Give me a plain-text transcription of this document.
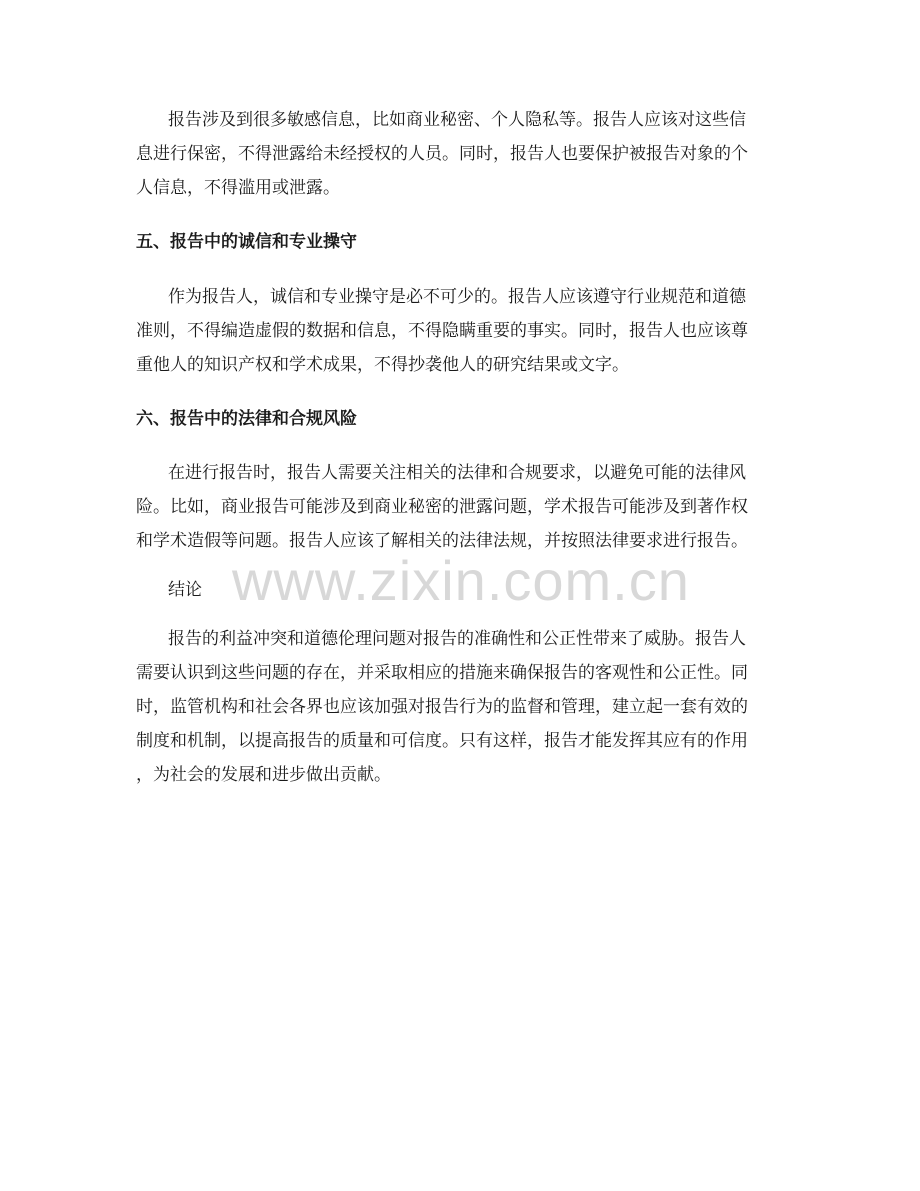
报告涉及到很多敏感信息，比如商业秘密、个人隐私等。报告人应该对这些信
息进行保密，不得泄露给未经授权的人员。同时，报告人也要保护被报告对象的个
人信息，不得滥用或泄露。
五、报告中的诚信和专业操守
作为报告人，诚信和专业操守是必不可少的。报告人应该遵守行业规范和道德
准则，不得编造虚假的数据和信息，不得隐瞒重要的事实。同时，报告人也应该尊
重他人的知识产权和学术成果，不得抄袭他人的研究结果或文字。
六、报告中的法律和合规风险
在进行报告时，报告人需要关注相关的法律和合规要求，以避免可能的法律风
险。比如，商业报告可能涉及到商业秘密的泄露问题，学术报告可能涉及到著作权
和学术造假等问题。报告人应该了解相关的法律法规，并按照法律要求进行报告。
www.zixin.com.cn
结论
报告的利益冲突和道德伦理问题对报告的准确性和公正性带来了威胁。报告人
需要认识到这些问题的存在，并采取相应的措施来确保报告的客观性和公正性。同
时，监管机构和社会各界也应该加强对报告行为的监督和管理，建立起一套有效的
制度和机制，以提高报告的质量和可信度。只有这样，报告才能发挥其应有的作用
，为社会的发展和进步做出贡献。
